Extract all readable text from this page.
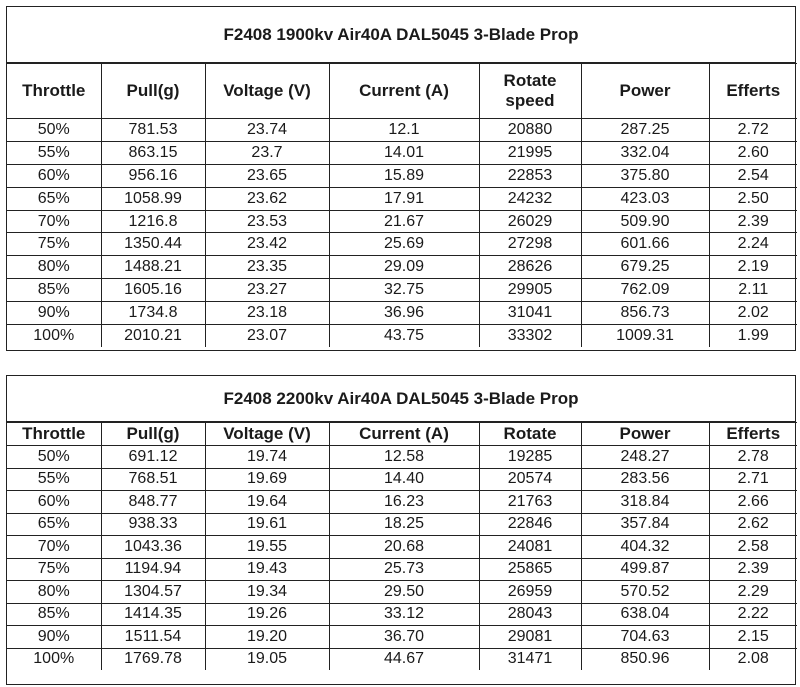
F2408 1900kv Air40A DAL5045 3-Blade Prop
Throttle	Pull(g)	Voltage (V)	Current (A)	Rotate speed	Power	Efferts
50%	781.53	23.74	12.1	20880	287.25	2.72
55%	863.15	23.7	14.01	21995	332.04	2.60
60%	956.16	23.65	15.89	22853	375.80	2.54
65%	1058.99	23.62	17.91	24232	423.03	2.50
70%	1216.8	23.53	21.67	26029	509.90	2.39
75%	1350.44	23.42	25.69	27298	601.66	2.24
80%	1488.21	23.35	29.09	28626	679.25	2.19
85%	1605.16	23.27	32.75	29905	762.09	2.11
90%	1734.8	23.18	36.96	31041	856.73	2.02
100%	2010.21	23.07	43.75	33302	1009.31	1.99
F2408 2200kv Air40A DAL5045 3-Blade Prop
Throttle	Pull(g)	Voltage (V)	Current (A)	Rotate	Power	Efferts
50%	691.12	19.74	12.58	19285	248.27	2.78
55%	768.51	19.69	14.40	20574	283.56	2.71
60%	848.77	19.64	16.23	21763	318.84	2.66
65%	938.33	19.61	18.25	22846	357.84	2.62
70%	1043.36	19.55	20.68	24081	404.32	2.58
75%	1194.94	19.43	25.73	25865	499.87	2.39
80%	1304.57	19.34	29.50	26959	570.52	2.29
85%	1414.35	19.26	33.12	28043	638.04	2.22
90%	1511.54	19.20	36.70	29081	704.63	2.15
100%	1769.78	19.05	44.67	31471	850.96	2.08
